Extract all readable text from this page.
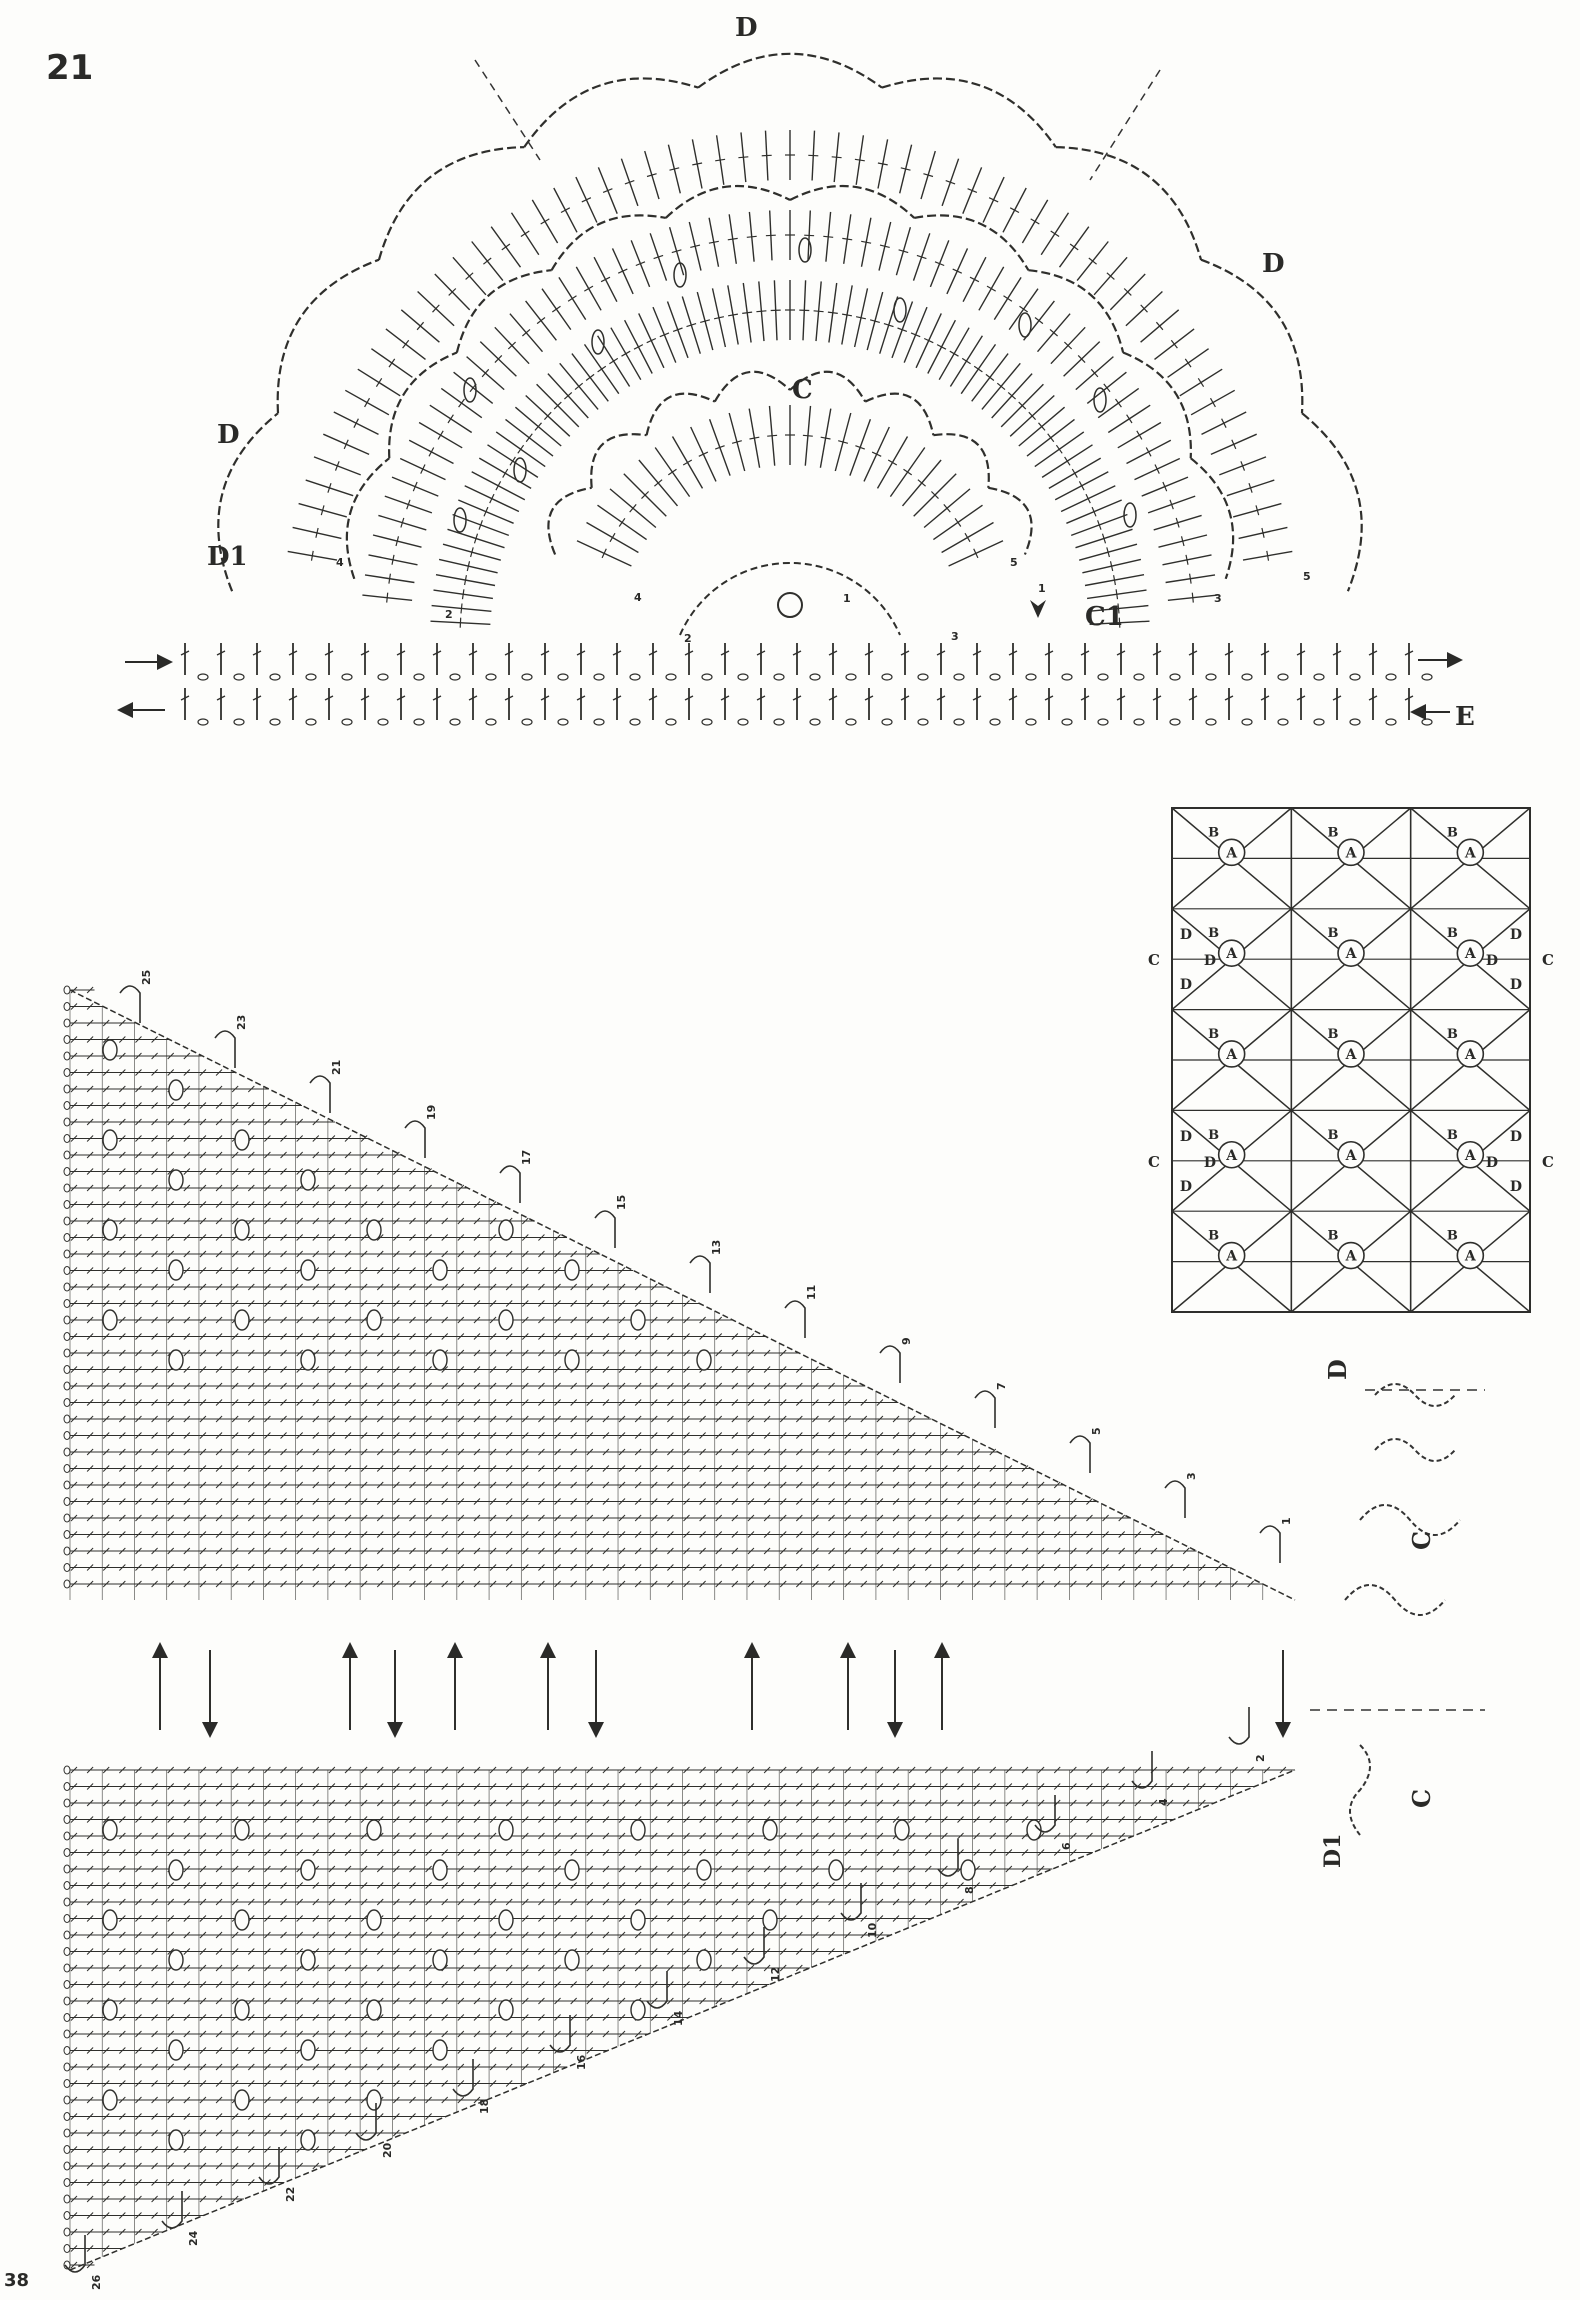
21
38
D
D
D
D1
C
C1
E
4
2
4
2
1
3
5
1
3
5
A
B
A
B
A
B
A
B
A
B
A
B
A
B
A
B
A
B
A
B
A
B
A
B
A
B
A
B
A
B
C	C
D
D
D
D
D
D
C	C
D
D
D
D
D
D
25
23
21
19
17
15
13
11
9
7
5
3
1
26
24
22
20
18
16
14
12
10
8
6
4
2
D
C
D1
C
